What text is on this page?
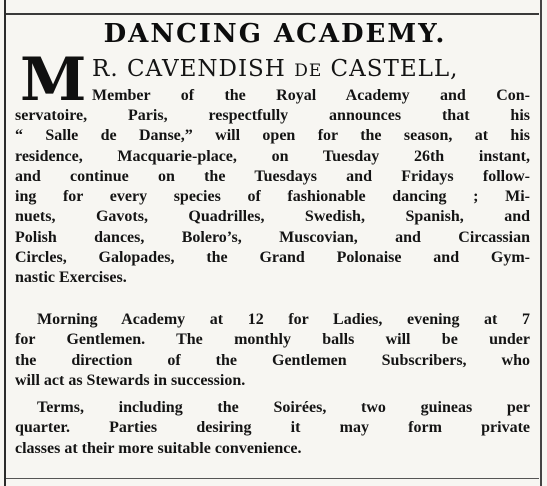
DANCING ACADEMY.
M R. CAVENDISH DE CASTELL,
Member of the Royal Academy and Con-
servatoire, Paris, respectfully announces that his
“ Salle de Danse,” will open for the season, at his
residence, Macquarie-place, on Tuesday 26th instant,
and continue on the Tuesdays and Fridays follow-
ing for every species of fashionable dancing ; Mi-
nuets, Gavots, Quadrilles, Swedish, Spanish, and
Polish dances, Bolero’s, Muscovian, and Circassian
Circles, Galopades, the Grand Polonaise and Gym-
nastic Exercises.
Morning Academy at 12 for Ladies, evening at 7
for Gentlemen. The monthly balls will be under
the direction of the Gentlemen Subscribers, who
will act as Stewards in succession.
Terms, including the Soirées, two guineas per
quarter. Parties desiring it may form private
classes at their more suitable convenience.
